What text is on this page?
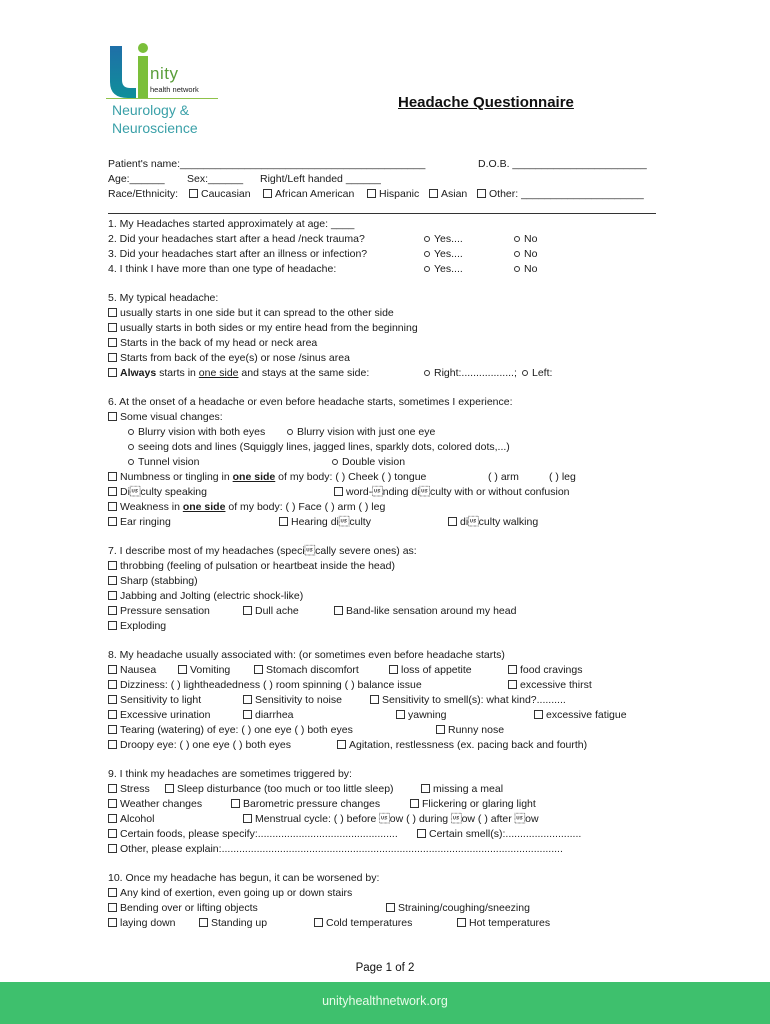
nity
health network
Neurology &
Neuroscience
Headache Questionnaire
Patient's name:__________________________________________	D.O.B. _______________________
Age:______ Sex:______ Right/Left handed ______
Race/Ethnicity:	Caucasian	African American	Hispanic	Asian	Other: _____________________
1. My Headaches started approximately at age: ____
2. Did your headaches start after a head /neck trauma?	Yes....	No
3. Did your headaches start after an illness or infection?	Yes....	No
4. I think I have more than one type of headache:	Yes....	No
5. My typical headache:
usually starts in one side but it can spread to the other side
usually starts in both sides or my entire head from the beginning
Starts in the back of my head or neck area
Starts from back of the eye(s) or nose /sinus area
Always starts in one side and stays at the same side:	Right:..................;	Left:
6. At the onset of a headache or even before headache starts, sometimes I experience:
Some visual changes:
Blurry vision with both eyes	Blurry vision with just one eye
seeing dots and lines (Squiggly lines, jagged lines, sparkly dots, colored dots,...)
Tunnel vision	Double vision
Numbness or tingling in one side of my body: ( ) Cheek ( ) tongue	( ) arm	( ) leg
Diculty speaking	word-nding diculty with or without confusion
Weakness in one side of my body: ( ) Face ( ) arm ( ) leg
Ear ringing	Hearing diculty	diculty walking
7. I describe most of my headaches (specically severe ones) as:
throbbing (feeling of pulsation or heartbeat inside the head)
Sharp (stabbing)
Jabbing and Jolting (electric shock-like)
Pressure sensation	Dull ache	Band-like sensation around my head
Exploding
8. My headache usually associated with: (or sometimes even before headache starts)
Nausea	Vomiting	Stomach discomfort	loss of appetite	food cravings
Dizziness: ( ) lightheadedness ( ) room spinning ( ) balance issue	excessive thirst
Sensitivity to light	Sensitivity to noise	Sensitivity to smell(s): what kind?..........
Excessive urination	diarrhea	yawning	excessive fatigue
Tearing (watering) of eye: ( ) one eye ( ) both eyes	Runny nose
Droopy eye: ( ) one eye ( ) both eyes	Agitation, restlessness (ex. pacing back and fourth)
9. I think my headaches are sometimes triggered by:
Stress	Sleep disturbance (too much or too little sleep)	missing a meal
Weather changes	Barometric pressure changes	Flickering or glaring light
Alcohol	Menstrual cycle: ( ) before ow ( ) during ow ( ) after ow
Certain foods, please specify:................................................	Certain smell(s):..........................
Other, please explain:.....................................................................................................................
10. Once my headache has begun, it can be worsened by:
Any kind of exertion, even going up or down stairs
Bending over or lifting objects	Straining/coughing/sneezing
laying down	Standing up	Cold temperatures	Hot temperatures
Page 1 of 2
unityhealthnetwork.org
